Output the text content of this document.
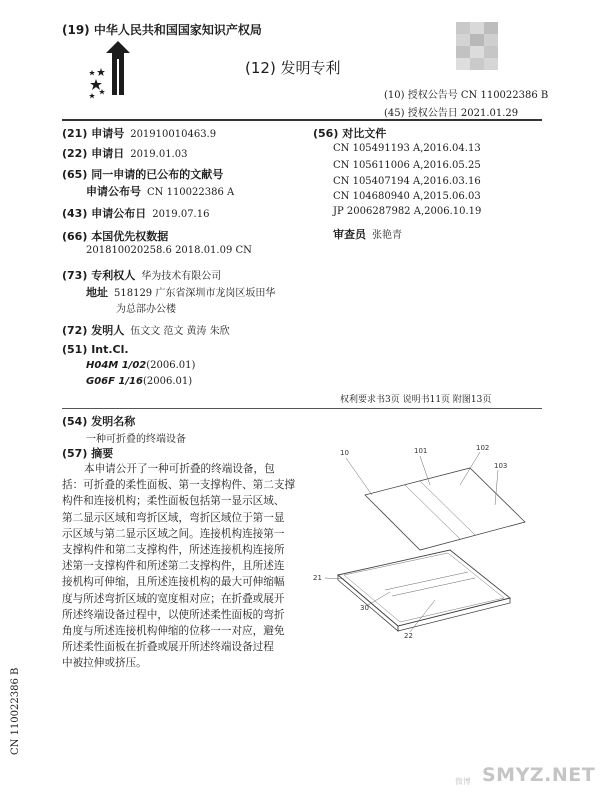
(19) 中华人民共和国国家知识产权局
(12) 发明专利
(10) 授权公告号 CN 110022386 B
(45) 授权公告日 2021.01.29
(21) 申请号 201910010463.9
(22) 申请日 2019.01.03
(65) 同一申请的已公布的文献号
申请公布号 CN 110022386 A
(43) 申请公布日 2019.07.16
(66) 本国优先权数据
201810020258.6 2018.01.09 CN
(73) 专利权人 华为技术有限公司
地址 518129 广东省深圳市龙岗区坂田华
为总部办公楼
(72) 发明人 伍文文 范文 黄涛 朱欣
(51) Int.Cl.
H04M 1/02(2006.01)
G06F 1/16(2006.01)
(56) 对比文件
CN 105491193 A,2016.04.13
CN 105611006 A,2016.05.25
CN 105407194 A,2016.03.16
CN 104680940 A,2015.06.03
JP 2006287982 A,2006.10.19
审查员 张艳青
权利要求书3页 说明书11页 附图13页
(54) 发明名称
一种可折叠的终端设备
(57) 摘要
本申请公开了一种可折叠的终端设备，包
括：可折叠的柔性面板、第一支撑构件、第二支撑
构件和连接机构；柔性面板包括第一显示区域、
第二显示区域和弯折区域，弯折区域位于第一显
示区域与第二显示区域之间。连接机构连接第一
支撑构件和第二支撑构件，所述连接机构连接所
述第一支撑构件和所述第二支撑构件，且所述连
接机构可伸缩，且所述连接机构的最大可伸缩幅
度与所述弯折区域的宽度相对应；在折叠或展开
所述终端设备过程中，以使所述柔性面板的弯折
角度与所述连接机构伸缩的位移一一对应，避免
所述柔性面板在折叠或展开所述终端设备过程
中被拉伸或挤压。
10	101	102
103
21
30
22
CN 110022386 B
微博 SMYZ.NET
